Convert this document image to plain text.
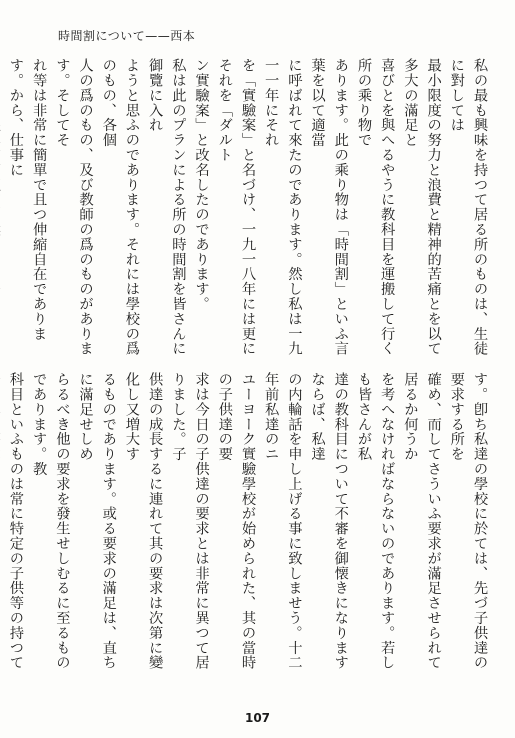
時間割について——西本
私の最も興味を持つて居る所のものは、生徒に對しては
最小限度の努力と浪費と精神的苦痛とを以て多大の滿足と
喜びとを與へるやうに教科目を運搬して行く所の乘り物で
あります。此の乘り物は「時間割」といふ言葉を以て適當
に呼ばれて來たのであります。然し私は一九一一年にそれ
を「實驗案」と名づけ、一九一八年には更にそれを「ダルト
ン實驗案」と改名したのであります。
私は此のプランによる所の時間割を皆さんに御覽に入れ
ようと思ふのであります。それには學校の爲のもの、各個
人の爲のもの、及び教師の爲のものがあります。そしてそ
れ等は非常に簡單で且つ伸縮自在であります。から、仕事に
す。卽ち私達の學校に於ては、先づ子供達の要求する所を
確め、而してさういふ要求が滿足させられて居るか何うか
を考へなければならないのであります。若しも皆さんが私
達の教科目について不審を御懐きになりますならば、私達
の内輪話を申し上げる事に致しませう。十二年前私達のニ
ユーヨーク實驗學校が始められた、其の當時の子供達の要
求は今日の子供達の要求とは非常に異つて居りました。子
供達の成長するに連れて其の要求は次第に變化し又増大す
るものであります。或る要求の滿足は、直ちに滿足せしめ
らるべき他の要求を發生せしむるに至るものであります。教
科目といふものは常に特定の子供等の持つて
107
